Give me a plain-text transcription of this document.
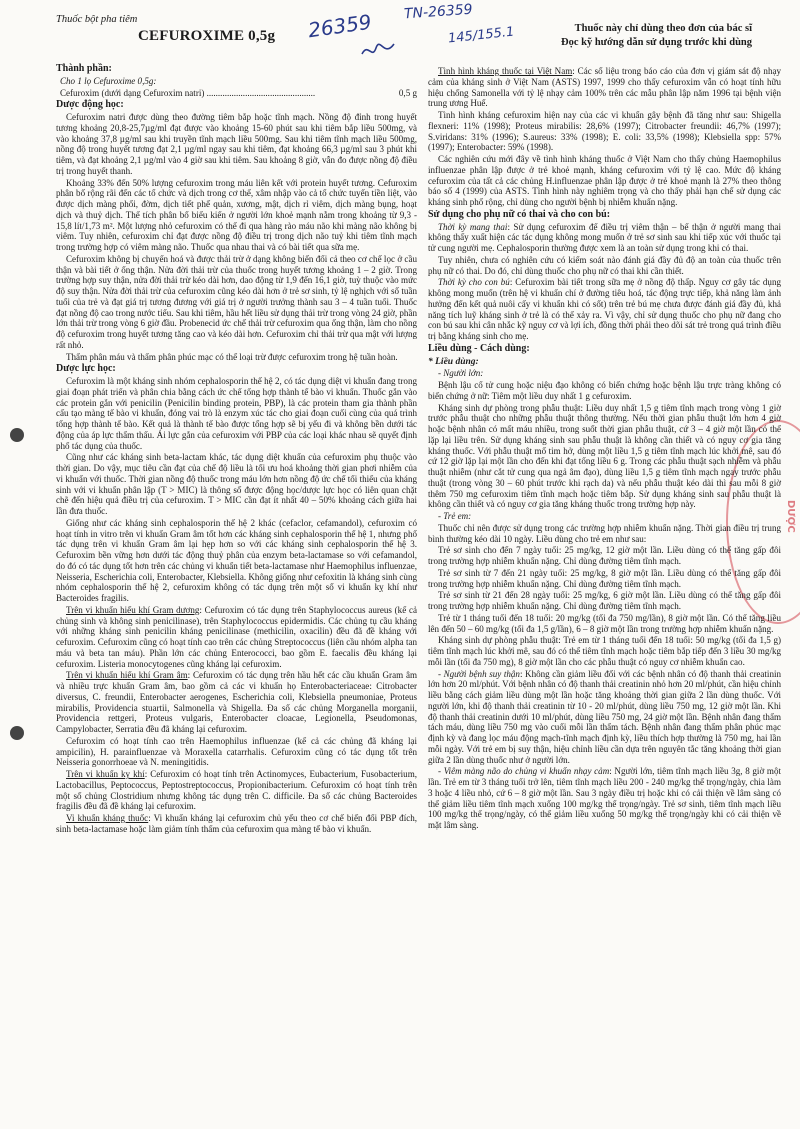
Thuốc bột pha tiêm
CEFUROXIME 0,5g	Thuốc này chỉ dùng theo đơn của bác sĩ
Đọc kỹ hướng dẫn sử dụng trước khi dùng
26359 TN-26359
145/155.1
DƯỢC
Thành phần:

Cho 1 lọ Cefuroxime 0,5g:

Cefuroxim (dưới dạng Cefuroxim natri) ................................................	0,5 g
Dược động học:

Cefuroxim natri được dùng theo đường tiêm bắp hoặc tĩnh mạch. Nồng độ đỉnh trong huyết tương khoảng 20,8-25,7µg/ml đạt được vào khoảng 15-60 phút sau khi tiêm bắp liều 500mg, và vào khoảng 37,8 µg/ml sau khi truyền tĩnh mạch liều 500mg. Sau khi tiêm tĩnh mạch liều 500mg, nồng độ trong huyết tương đạt 2,1 µg/ml ngay sau khi tiêm, đạt khoảng 66,3 µg/ml sau 3 phút khi tiêm, và đạt khoảng 2,1 µg/ml vào 4 giờ sau khi tiêm. Sau khoảng 8 giờ, vẫn đo được nồng độ điều trị trong huyết thanh.

Khoảng 33% đến 50% lượng cefuroxim trong máu liên kết với protein huyết tương. Cefuroxim phân bố rộng rãi đến các tổ chức và dịch trong cơ thể, xâm nhập vào cả tổ chức tuyến tiền liệt, vào được dịch màng phổi, đờm, dịch tiết phế quản, xương, mật, dịch rỉ viêm, dịch màng bụng, hoạt dịch và thuỷ dịch. Thể tích phân bố biểu kiến ở người lớn khoẻ mạnh nằm trong khoảng từ 9,3 - 15,8 lít/1,73 m². Một lượng nhỏ cefuroxim có thể đi qua hàng rào máu não khi màng não không bị viêm. Tuy nhiên, cefuroxim chỉ đạt được nồng độ điều trị trong dịch não tuỷ khi tiêm tĩnh mạch trong trường hợp có viêm màng não. Thuốc qua nhau thai và có bài tiết qua sữa mẹ.

Cefuroxim không bị chuyển hoá và được thải trừ ở dạng không biến đổi cả theo cơ chế lọc ở cầu thận và bài tiết ở ống thận. Nửa đời thải trừ của thuốc trong huyết tương khoảng 1 – 2 giờ. Trong trường hợp suy thận, nửa đời thải trừ kéo dài hơn, dao động từ 1,9 đến 16,1 giờ, tuỳ thuộc vào mức độ suy thận. Nửa đời thải trừ của cefuroxim cũng kéo dài hơn ở trẻ sơ sinh, tỷ lệ nghịch với số tuần tuổi của trẻ và đạt giá trị tương đương với giá trị ở người trưởng thành sau 3 – 4 tuần tuổi. Thuốc đạt nồng độ cao trong nước tiểu. Sau khi tiêm, hầu hết liều sử dụng thải trừ trong vòng 24 giờ, phần lớn thải trừ trong vòng 6 giờ đầu. Probenecid ức chế thải trừ cefuroxim qua ống thận, làm cho nồng độ cefuroxim trong huyết tương tăng cao và kéo dài hơn. Cefuroxim chỉ thải trừ qua mật với lượng rất nhỏ.

Thẩm phân máu và thẩm phân phúc mạc có thể loại trừ được cefuroxim trong hệ tuần hoàn.

Dược lực học:

Cefuroxim là một kháng sinh nhóm cephalosporin thế hệ 2, có tác dụng diệt vi khuẩn đang trong giai đoạn phát triển và phân chia bằng cách ức chế tổng hợp thành tế bào vi khuẩn. Thuốc gắn vào các protein gắn với penicilin (Penicilin binding protein, PBP), là các protein tham gia thành phần cấu tạo màng tế bào vi khuẩn, đóng vai trò là enzym xúc tác cho giai đoạn cuối cùng của quá trình tổng hợp thành tế bào. Kết quả là thành tế bào được tổng hợp sẽ bị yếu đi và không bền dưới tác động của áp lực thẩm thấu. Ái lực gắn của cefuroxim với PBP của các loại khác nhau sẽ quyết định phổ tác dụng của thuốc.

Cũng như các kháng sinh beta-lactam khác, tác dụng diệt khuẩn của cefuroxim phụ thuộc vào thời gian. Do vậy, mục tiêu cần đạt của chế độ liều là tối ưu hoá khoảng thời gian phơi nhiễm của vi khuẩn với thuốc. Thời gian nồng độ thuốc trong máu lớn hơn nồng độ ức chế tối thiểu của kháng sinh với vi khuẩn phân lập (T > MIC) là thông số được động học/dược lực học có liên quan chặt chẽ đến hiệu quả điều trị của cefuroxim. T > MIC cần đạt ít nhất 40 – 50% khoảng cách giữa hai lần đưa thuốc.

Giống như các kháng sinh cephalosporin thế hệ 2 khác (cefaclor, cefamandol), cefuroxim có hoạt tính in vitro trên vi khuẩn Gram âm tốt hơn các kháng sinh cephalosporin thế hệ 1, nhưng phổ tác dụng trên vi khuẩn Gram âm lại hẹp hơn so với các kháng sinh cephalosporin thế hệ 3. Cefuroxim bền vững hơn dưới tác động thuỷ phân của enzym beta-lactamase so với cefamandol, do đó có tác dụng tốt hơn trên các chủng vi khuẩn tiết beta-lactamase như Haemophilus influenzae, Neisseria, Escherichia coli, Enterobacter, Klebsiella. Không giống như cefoxitin là kháng sinh cùng nhóm cephalosporin thế hệ 2, cefuroxim không có tác dụng trên một số vi khuẩn kỵ khí như Bacteroides fragilis.

Trên vi khuẩn hiếu khí Gram dương: Cefuroxim có tác dụng trên Staphylococcus aureus (kể cả chủng sinh và không sinh penicilinase), trên Staphylococcus epidermidis. Các chủng tụ cầu kháng với những kháng sinh penicilin kháng penicilinase (methicilin, oxacilin) đều đã đề kháng với cefuroxim. Cefuroxim cũng có hoạt tính cao trên các chủng Streptococcus (liên cầu nhóm alpha tan máu và beta tan máu). Phần lớn các chủng Enterococci, bao gồm E. faecalis đều kháng lại cefuroxim. Listeria monocytogenes cũng kháng lại cefuroxim.

Trên vi khuẩn hiếu khí Gram âm: Cefuroxim có tác dụng trên hầu hết các cầu khuẩn Gram âm và nhiều trực khuẩn Gram âm, bao gồm cả các vi khuẩn họ Enterobacteriaceae: Citrobacter diversus, C. freundii, Enterobacter aerogenes, Escherichia coli, Klebsiella pneumoniae, Proteus mirabilis, Providencia stuartii, Salmonella và Shigella. Đa số các chủng Morganella morganii, Providencia rettgeri, Proteus vulgaris, Enterobacter cloacae, Legionella, Pseudomonas, Campylobacter, Serratia đều đã kháng lại cefuroxim.

Cefuroxim có hoạt tính cao trên Haemophilus influenzae (kể cả các chủng đã kháng lại ampicilin), H. parainfluenzae và Moraxella catarrhalis. Cefuroxim cũng có tác dụng tốt trên Neisseria gonorrhoeae và N. meningitidis.

Trên vi khuẩn kỵ khí: Cefuroxim có hoạt tính trên Actinomyces, Eubacterium, Fusobacterium, Lactobacillus, Peptococcus, Peptostreptococcus, Propionibacterium. Cefuroxim có hoạt tính trên một số chủng Clostridium nhưng không tác dụng trên C. difficile. Đa số các chủng Bacteroides fragilis đều đã đề kháng lại cefuroxim.

Vi khuẩn kháng thuốc: Vi khuẩn kháng lại cefuroxim chủ yếu theo cơ chế biến đổi PBP đích, sinh beta-lactamase hoặc làm giảm tính thấm của cefuroxim qua màng tế bào vi khuẩn.

Tình hình kháng thuốc tại Việt Nam: Các số liệu trong báo cáo của đơn vị giám sát độ nhạy cảm của kháng sinh ở Việt Nam (ASTS) 1997, 1999 cho thấy cefuroxim vẫn có hoạt tính hữu hiệu chống Samonella với tỷ lệ nhạy cảm 100% trên các mẫu phân lập năm 1996 tại bệnh viện trung ương Huế.

Tình hình kháng cefuroxim hiện nay của các vi khuẩn gây bệnh đã tăng như sau: Shigella flexneri: 11% (1998); Proteus mirabilis: 28,6% (1997); Citrobacter freundii: 46,7% (1997); S.viridans: 31% (1996); S.aureus: 33% (1998); E. coli: 33,5% (1998); Klebsiella spp: 57% (1997); Enterobacter: 59% (1998).

Các nghiên cứu mới đây về tình hình kháng thuốc ở Việt Nam cho thấy chủng Haemophilus influenzae phân lập được ở trẻ khoẻ mạnh, kháng cefuroxim với tỷ lệ cao. Mức độ kháng cefuroxim của tất cả các chủng H.influenzae phân lập được ở trẻ khoẻ mạnh là 27% theo thông báo số 4 (1999) của ASTS. Tình hình này nghiêm trọng và cho thấy phải hạn chế sử dụng các kháng sinh phổ rộng, chỉ dùng cho người bệnh bị nhiễm khuẩn nặng.

Sử dụng cho phụ nữ có thai và cho con bú:

Thời kỳ mang thai: Sử dụng cefuroxim để điều trị viêm thận – bể thận ở người mang thai không thấy xuất hiện các tác dụng không mong muốn ở trẻ sơ sinh sau khi tiếp xúc với thuốc tại tử cung người mẹ. Cephalosporin thường được xem là an toàn sử dụng trong khi có thai.

Tuy nhiên, chưa có nghiên cứu có kiểm soát nào đánh giá đầy đủ độ an toàn của thuốc trên phụ nữ có thai. Do đó, chỉ dùng thuốc cho phụ nữ có thai khi cần thiết.

Thời kỳ cho con bú: Cefuroxim bài tiết trong sữa mẹ ở nồng độ thấp. Nguy cơ gây tác dụng không mong muốn (trên hệ vi khuẩn chí ở đường tiêu hoá, tác động trực tiếp, khả năng làm ảnh hưởng đến kết quả nuôi cấy vi khuẩn khi có sốt) trên trẻ bú mẹ chưa được đánh giá đầy đủ, khả năng tích luỹ kháng sinh ở trẻ là có thể xảy ra. Vì vậy, chỉ sử dụng thuốc cho phụ nữ đang cho con bú sau khi cân nhắc kỹ nguy cơ và lợi ích, đồng thời phải theo dõi sát trẻ trong quá trình điều trị bằng kháng sinh cho mẹ.

Liều dùng - Cách dùng:
* Liều dùng:

- Người lớn:

Bệnh lậu cổ tử cung hoặc niệu đạo không có biến chứng hoặc bệnh lậu trực tràng không có biến chứng ở nữ: Tiêm một liều duy nhất 1 g cefuroxim.

Kháng sinh dự phòng trong phẫu thuật: Liều duy nhất 1,5 g tiêm tĩnh mạch trong vòng 1 giờ trước phẫu thuật cho những phẫu thuật thông thường. Nếu thời gian phẫu thuật lớn hơn 4 giờ hoặc bệnh nhân có mất máu nhiều, trong suốt thời gian phẫu thuật, cứ 3 – 4 giờ một lần có thể lặp lại liều trên. Sử dụng kháng sinh sau phẫu thuật là không cần thiết và có nguy cơ gia tăng kháng thuốc. Với phẫu thuật mổ tim hở, dùng một liều 1,5 g tiêm tĩnh mạch lúc khởi mê, sau đó cứ 12 giờ lặp lại một lần cho đến khi đạt tổng liều 6 g. Trong các phẫu thuật sạch nhiễm và phẫu thuật nhiễm (như cắt tử cung qua ngả âm đạo), dùng liều 1,5 g tiêm tĩnh mạch ngay trước phẫu thuật (trong vòng 30 – 60 phút trước khi rạch da) và nếu phẫu thuật kéo dài thì sau mỗi 8 giờ thêm 750 mg cefuroxim tiêm tĩnh mạch hoặc tiêm bắp. Sử dụng kháng sinh sau phẫu thuật là không cần thiết và có nguy cơ gia tăng kháng thuốc trong trường hợp này.

- Trẻ em:

Thuốc chỉ nên được sử dụng trong các trường hợp nhiễm khuẩn nặng. Thời gian điều trị trung bình thường kéo dài 10 ngày. Liều dùng cho trẻ em như sau:

Trẻ sơ sinh cho đến 7 ngày tuổi: 25 mg/kg, 12 giờ một lần. Liều dùng có thể tăng gấp đôi trong trường hợp nhiễm khuẩn nặng. Chỉ dùng đường tiêm tĩnh mạch.

Trẻ sơ sinh từ 7 đến 21 ngày tuổi: 25 mg/kg, 8 giờ một lần. Liều dùng có thể tăng gấp đôi trong trường hợp nhiễm khuẩn nặng. Chỉ dùng đường tiêm tĩnh mạch.

Trẻ sơ sinh từ 21 đến 28 ngày tuổi: 25 mg/kg, 6 giờ một lần. Liều dùng có thể tăng gấp đôi trong trường hợp nhiễm khuẩn nặng. Chỉ dùng đường tiêm tĩnh mạch.

Trẻ từ 1 tháng tuổi đến 18 tuổi: 20 mg/kg (tối đa 750 mg/lần), 8 giờ một lần. Có thể tăng liều lên đến 50 – 60 mg/kg (tối đa 1,5 g/lần), 6 – 8 giờ một lần trong trường hợp nhiễm khuẩn nặng.

Kháng sinh dự phòng phẫu thuật: Trẻ em từ 1 tháng tuổi đến 18 tuổi: 50 mg/kg (tối đa 1,5 g) tiêm tĩnh mạch lúc khởi mê, sau đó có thể tiêm tĩnh mạch hoặc tiêm bắp tiếp đến 3 liều 30 mg/kg mỗi lần (tối đa 750 mg), 8 giờ một lần cho các phẫu thuật có nguy cơ nhiễm khuẩn cao.

- Người bệnh suy thận: Không cần giảm liều đối với các bệnh nhân có độ thanh thải creatinin lớn hơn 20 ml/phút. Với bệnh nhân có độ thanh thải creatinin nhỏ hơn 20 ml/phút, cần hiệu chỉnh liều bằng cách giảm liều dùng một lần hoặc tăng khoảng thời gian giữa 2 lần dùng thuốc. Với người lớn, khi độ thanh thải creatinin từ 10 - 20 ml/phút, dùng liều 750 mg, 12 giờ một lần. Khi độ thanh thải creatinin dưới 10 ml/phút, dùng liều 750 mg, 24 giờ một lần. Bệnh nhân đang thẩm tách máu, dùng liều 750 mg vào cuối mỗi lần thẩm tách. Bệnh nhân đang thẩm phân phúc mạc định kỳ và đang lọc máu động mạch-tĩnh mạch định kỳ, liều thích hợp thường là 750 mg, hai lần mỗi ngày. Với trẻ em bị suy thận, hiệu chỉnh liều cần dựa trên nguyên tắc tăng khoảng thời gian giữa 2 lần dùng thuốc như ở người lớn.

- Viêm màng não do chủng vi khuẩn nhạy cảm: Người lớn, tiêm tĩnh mạch liều 3g, 8 giờ một lần. Trẻ em từ 3 tháng tuổi trở lên, tiêm tĩnh mạch liều 200 - 240 mg/kg thể trọng/ngày, chia làm 3 hoặc 4 liều nhỏ, cứ 6 – 8 giờ một lần. Sau 3 ngày điều trị hoặc khi có cải thiện về lâm sàng có thể giảm liều tiêm tĩnh mạch xuống 100 mg/kg thể trọng/ngày. Trẻ sơ sinh, tiêm tĩnh mạch liều 100 mg/kg thể trọng/ngày, có thể giảm liều xuống 50 mg/kg thể trọng/ngày khi có cải thiện về mặt lâm sàng.
